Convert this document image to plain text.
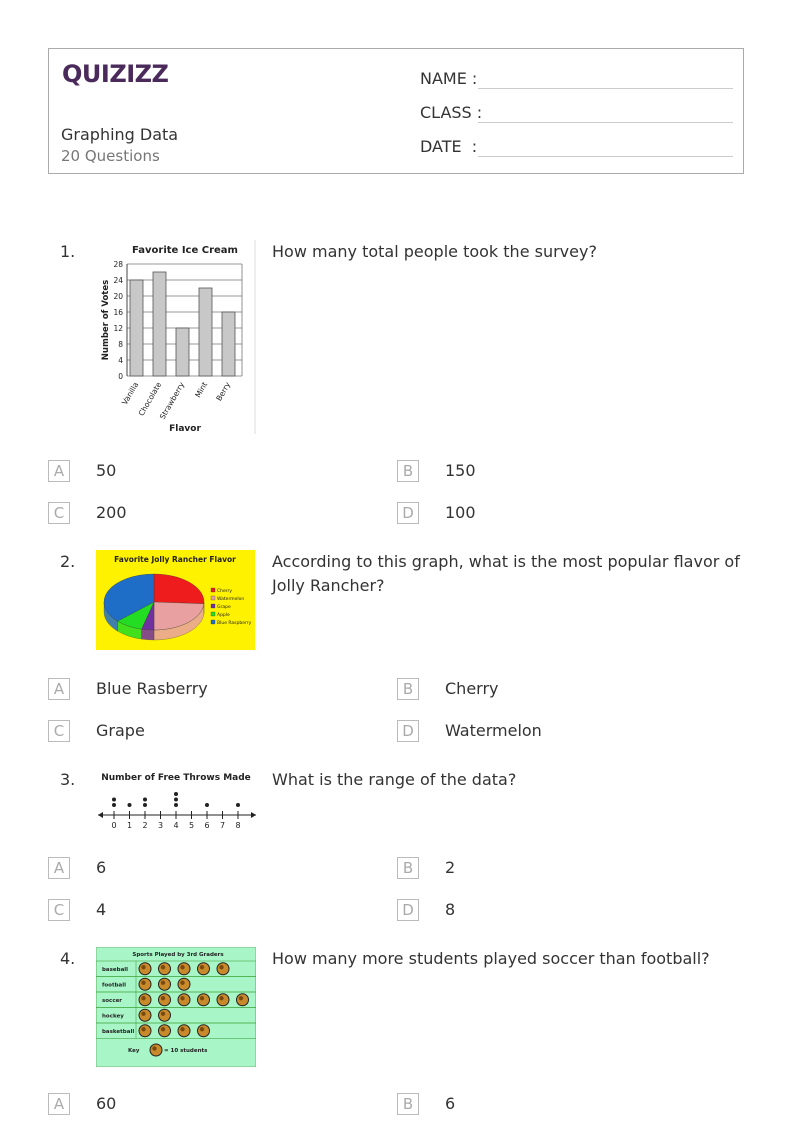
QUIZIZZ
Graphing Data
20 Questions
NAME :
CLASS :
DATE  :
1.	Favorite Ice Cream
0
4
8
12
16
20
24
28
Number of Votes
Vanilla
Chocolate
Strawberry Mint Berry
Flavor
How many total people took the survey?
A	50	B	150
C	200	D	100
2.	Favorite Jolly Rancher Flavor
Cherry
Watermelon
Grape
Apple
Blue Raspberry
According to this graph, what is the most popular flavor of Jolly Rancher?
A	Blue Rasberry	B	Cherry
C	Grape	D	Watermelon
3.	Number of Free Throws Made
0 1 2 3 4 5 6 7 8
What is the range of the data?
A	6	B	2
C	4	D	8
4.	Sports Played by 3rd Graders
baseball
football
soccer
hockey
basketball
Key	= 10 students
How many more students played soccer than football?
A	60	B	6
